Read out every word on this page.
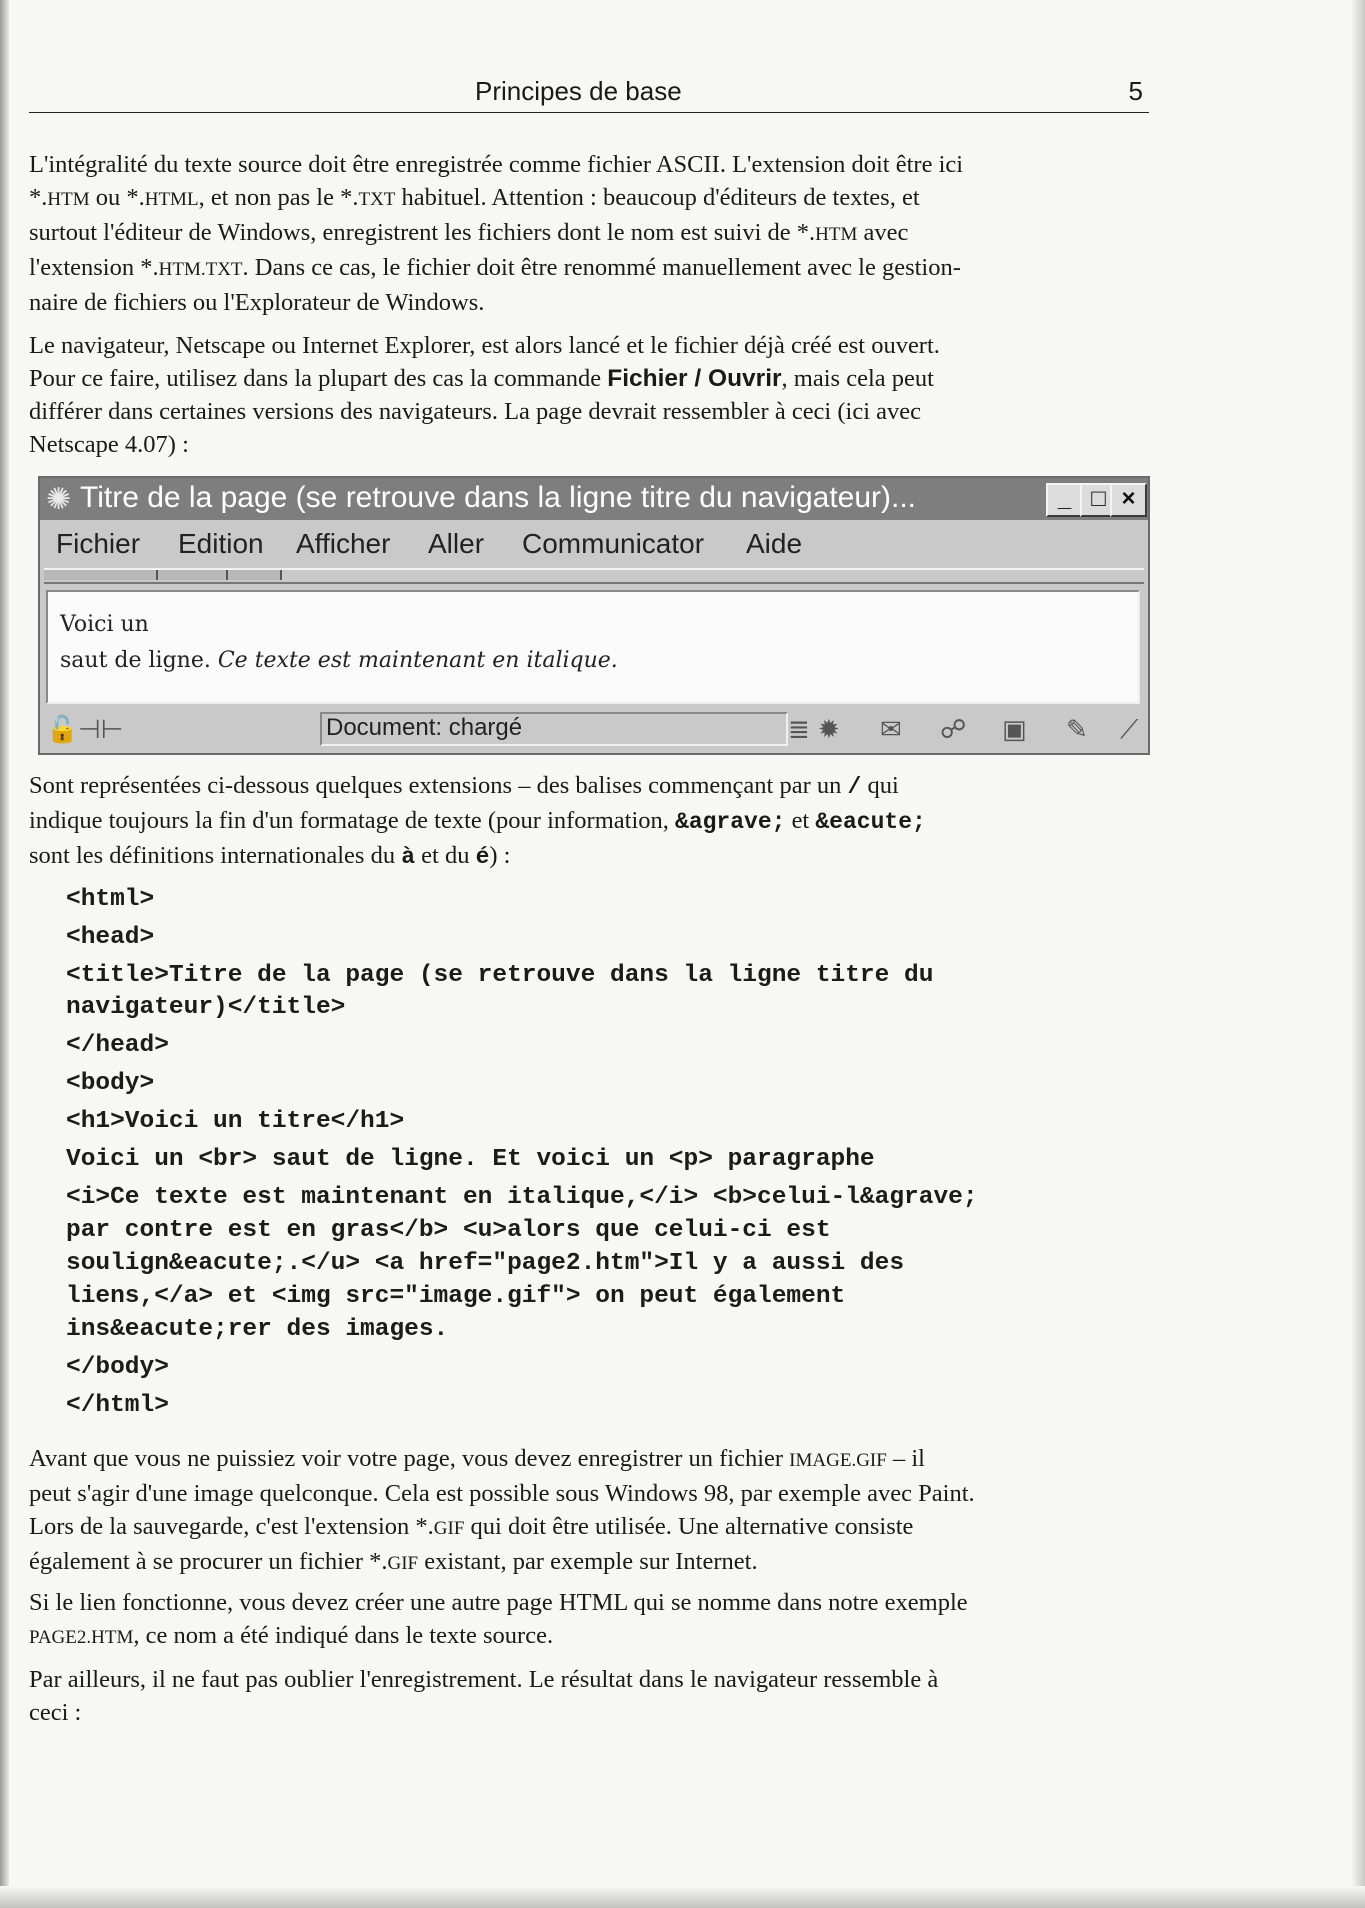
Principes de base	5

L'intégralité du texte source doit être enregistrée comme fichier ASCII. L'extension doit être ici
*.HTM ou *.HTML, et non pas le *.TXT habituel. Attention : beaucoup d'éditeurs de textes, et
surtout l'éditeur de Windows, enregistrent les fichiers dont le nom est suivi de *.HTM avec
l'extension *.HTM.TXT. Dans ce cas, le fichier doit être renommé manuellement avec le gestion-
naire de fichiers ou l'Explorateur de Windows.

Le navigateur, Netscape ou Internet Explorer, est alors lancé et le fichier déjà créé est ouvert.
Pour ce faire, utilisez dans la plupart des cas la commande Fichier / Ouvrir, mais cela peut
différer dans certaines versions des navigateurs. La page devrait ressembler à ceci (ici avec
Netscape 4.07) :

✺ Titre de la page (se retrouve dans la ligne titre du navigateur)...	_ □ ×
Fichier Edition Afficher Aller Communicator Aide
Voici un
saut de ligne. Ce texte est maintenant en italique.
🔓 ⊣⊢	Document: chargé	≣ ✹ ✉ ☍ ▣ ✎ ⟋

Sont représentées ci-dessous quelques extensions – des balises commençant par un / qui
indique toujours la fin d'un formatage de texte (pour information, &agrave; et &eacute;
sont les définitions internationales du à et du é) :

<html>
<head>
<title>Titre de la page (se retrouve dans la ligne titre du
navigateur)</title>
</head>
<body>
<h1>Voici un titre</h1>
Voici un <br> saut de ligne. Et voici un <p> paragraphe
<i>Ce texte est maintenant en italique,</i> <b>celui-l&agrave;
par contre est en gras</b> <u>alors que celui-ci est
soulign&eacute;.</u> <a href="page2.htm">Il y a aussi des
liens,</a> et <img src="image.gif"> on peut également
ins&eacute;rer des images.
</body>
</html>

Avant que vous ne puissiez voir votre page, vous devez enregistrer un fichier IMAGE.GIF – il
peut s'agir d'une image quelconque. Cela est possible sous Windows 98, par exemple avec Paint.
Lors de la sauvegarde, c'est l'extension *.GIF qui doit être utilisée. Une alternative consiste
également à se procurer un fichier *.GIF existant, par exemple sur Internet.

Si le lien fonctionne, vous devez créer une autre page HTML qui se nomme dans notre exemple
PAGE2.HTM, ce nom a été indiqué dans le texte source.

Par ailleurs, il ne faut pas oublier l'enregistrement. Le résultat dans le navigateur ressemble à
ceci :
